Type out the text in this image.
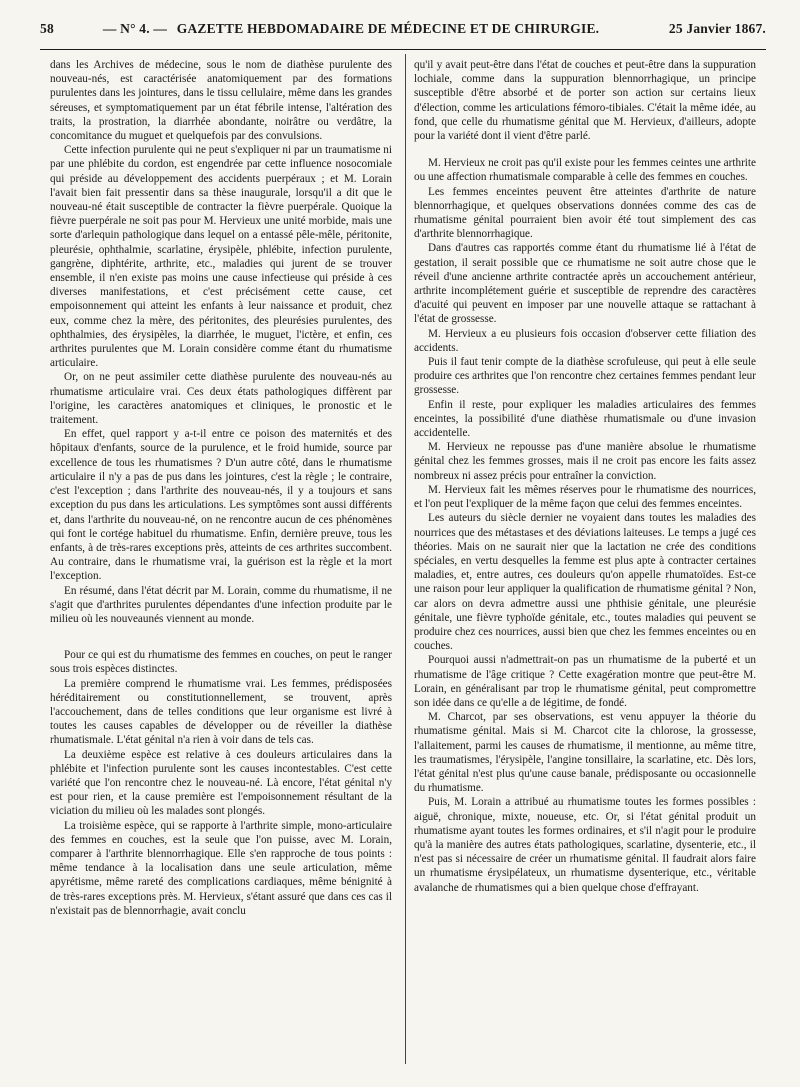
58	— N° 4. — GAZETTE HEBDOMADAIRE DE MÉDECINE ET DE CHIRURGIE.	25 Janvier 1867.

dans les Archives de médecine, sous le nom de diathèse purulente des nouveau-nés, est caractérisée anatomiquement par des formations purulentes dans les jointures, dans le tissu cellulaire, même dans les grandes séreuses, et symptomatiquement par un état fébrile intense, l'altération des traits, la prostration, la diarrhée abondante, noirâtre ou verdâtre, la concomitance du muguet et quelquefois par des convulsions.

Cette infection purulente qui ne peut s'expliquer ni par un traumatisme ni par une phlébite du cordon, est engendrée par cette influence nosocomiale qui préside au développement des accidents puerpéraux ; et M. Lorain l'avait bien fait pressentir dans sa thèse inaugurale, lorsqu'il a dit que le nouveau-né était susceptible de contracter la fièvre puerpérale. Quoique la fièvre puerpérale ne soit pas pour M. Hervieux une unité morbide, mais une sorte d'arlequin pathologique dans lequel on a entassé pêle-mêle, péritonite, pleurésie, ophthalmie, scarlatine, érysipèle, phlébite, infection purulente, gangrène, diphtérite, arthrite, etc., maladies qui jurent de se trouver ensemble, il n'en existe pas moins une cause infectieuse qui préside à ces diverses manifestations, et c'est précisément cette cause, cet empoisonnement qui atteint les enfants à leur naissance et produit, chez eux, comme chez la mère, des péritonites, des pleurésies purulentes, des ophthalmies, des érysipèles, la diarrhée, le muguet, l'ictère, et enfin, ces arthrites purulentes que M. Lorain considère comme étant du rhumatisme articulaire.

Or, on ne peut assimiler cette diathèse purulente des nouveau-nés au rhumatisme articulaire vrai. Ces deux états pathologiques diffèrent par l'origine, les caractères anatomiques et cliniques, le pronostic et le traitement.

En effet, quel rapport y a-t-il entre ce poison des maternités et des hôpitaux d'enfants, source de la purulence, et le froid humide, source par excellence de tous les rhumatismes ? D'un autre côté, dans le rhumatisme articulaire il n'y a pas de pus dans les jointures, c'est la règle ; le contraire, c'est l'exception ; dans l'arthrite des nouveau-nés, il y a toujours et sans exception du pus dans les articulations. Les symptômes sont aussi différents et, dans l'arthrite du nouveau-né, on ne rencontre aucun de ces phénomènes qui font le cortége habituel du rhumatisme. Enfin, dernière preuve, tous les enfants, à de très-rares exceptions près, atteints de ces arthrites succombent. Au contraire, dans le rhumatisme vrai, la guérison est la règle et la mort l'exception.

En résumé, dans l'état décrit par M. Lorain, comme du rhumatisme, il ne s'agit que d'arthrites purulentes dépendantes d'une infection produite par le milieu où les nouveaunés viennent au monde.

Pour ce qui est du rhumatisme des femmes en couches, on peut le ranger sous trois espèces distinctes.

La première comprend le rhumatisme vrai. Les femmes, prédisposées héréditairement ou constitutionnellement, se trouvent, après l'accouchement, dans de telles conditions que leur organisme est livré à toutes les causes capables de développer ou de réveiller la diathèse rhumatismale. L'état génital n'a rien à voir dans de tels cas.

La deuxième espèce est relative à ces douleurs articulaires dans la phlébite et l'infection purulente sont les causes incontestables. C'est cette variété que l'on rencontre chez le nouveau-né. Là encore, l'état génital n'y est pour rien, et la cause première est l'empoisonnement résultant de la viciation du milieu où les malades sont plongés.

La troisième espèce, qui se rapporte à l'arthrite simple, mono-articulaire des femmes en couches, est la seule que l'on puisse, avec M. Lorain, comparer à l'arthrite blennorrhagique. Elle s'en rapproche de tous points : même tendance à la localisation dans une seule articulation, même apyrétisme, même rareté des complications cardiaques, même bénignité à de très-rares exceptions près. M. Hervieux, s'étant assuré que dans ces cas il n'existait pas de blennorrhagie, avait conclu

qu'il y avait peut-être dans l'état de couches et peut-être dans la suppuration lochiale, comme dans la suppuration blennorrhagique, un principe susceptible d'être absorbé et de porter son action sur certains lieux d'élection, comme les articulations fémoro-tibiales. C'était la même idée, au fond, que celle du rhumatisme génital que M. Hervieux, d'ailleurs, adopte pour la variété dont il vient d'être parlé.

M. Hervieux ne croit pas qu'il existe pour les femmes ceintes une arthrite ou une affection rhumatismale comparable à celle des femmes en couches.

Les femmes enceintes peuvent être atteintes d'arthrite de nature blennorrhagique, et quelques observations données comme des cas de rhumatisme génital pourraient bien avoir été tout simplement des cas d'arthrite blennorrhagique.

Dans d'autres cas rapportés comme étant du rhumatisme lié à l'état de gestation, il serait possible que ce rhumatisme ne soit autre chose que le réveil d'une ancienne arthrite contractée après un accouchement antérieur, arthrite incomplétement guérie et susceptible de reprendre des caractères d'acuité qui peuvent en imposer par une nouvelle attaque se rattachant à l'état de grossesse.

M. Hervieux a eu plusieurs fois occasion d'observer cette filiation des accidents.

Puis il faut tenir compte de la diathèse scrofuleuse, qui peut à elle seule produire ces arthrites que l'on rencontre chez certaines femmes pendant leur grossesse.

Enfin il reste, pour expliquer les maladies articulaires des femmes enceintes, la possibilité d'une diathèse rhumatismale ou d'une invasion accidentelle.

M. Hervieux ne repousse pas d'une manière absolue le rhumatisme génital chez les femmes grosses, mais il ne croit pas encore les faits assez nombreux ni assez précis pour entraîner la conviction.

M. Hervieux fait les mêmes réserves pour le rhumatisme des nourrices, et l'on peut l'expliquer de la même façon que celui des femmes enceintes.

Les auteurs du siècle dernier ne voyaient dans toutes les maladies des nourrices que des métastases et des déviations laiteuses. Le temps a jugé ces théories. Mais on ne saurait nier que la lactation ne crée des conditions spéciales, en vertu desquelles la femme est plus apte à contracter certaines maladies, et, entre autres, ces douleurs qu'on appelle rhumatoïdes. Est-ce une raison pour leur appliquer la qualification de rhumatisme génital ? Non, car alors on devra admettre aussi une phthisie génitale, une pleurésie génitale, une fièvre typhoïde génitale, etc., toutes maladies qui peuvent se produire chez ces nourrices, aussi bien que chez les femmes enceintes ou en couches.

Pourquoi aussi n'admettrait-on pas un rhumatisme de la puberté et un rhumatisme de l'âge critique ? Cette exagération montre que peut-être M. Lorain, en généralisant par trop le rhumatisme génital, peut compromettre son idée dans ce qu'elle a de légitime, de fondé.

M. Charcot, par ses observations, est venu appuyer la théorie du rhumatisme génital. Mais si M. Charcot cite la chlorose, la grossesse, l'allaitement, parmi les causes de rhumatisme, il mentionne, au même titre, les traumatismes, l'érysipèle, l'angine tonsillaire, la scarlatine, etc. Dès lors, l'état génital n'est plus qu'une cause banale, prédisposante ou occasionnelle du rhumatisme.

Puis, M. Lorain a attribué au rhumatisme toutes les formes possibles : aiguë, chronique, mixte, noueuse, etc. Or, si l'état génital produit un rhumatisme ayant toutes les formes ordinaires, et s'il n'agit pour le produire qu'à la manière des autres états pathologiques, scarlatine, dysenterie, etc., il n'est pas si nécessaire de créer un rhumatisme génital. Il faudrait alors faire un rhumatisme érysipélateux, un rhumatisme dysenterique, etc., véritable avalanche de rhumatismes qui a bien quelque chose d'effrayant.
